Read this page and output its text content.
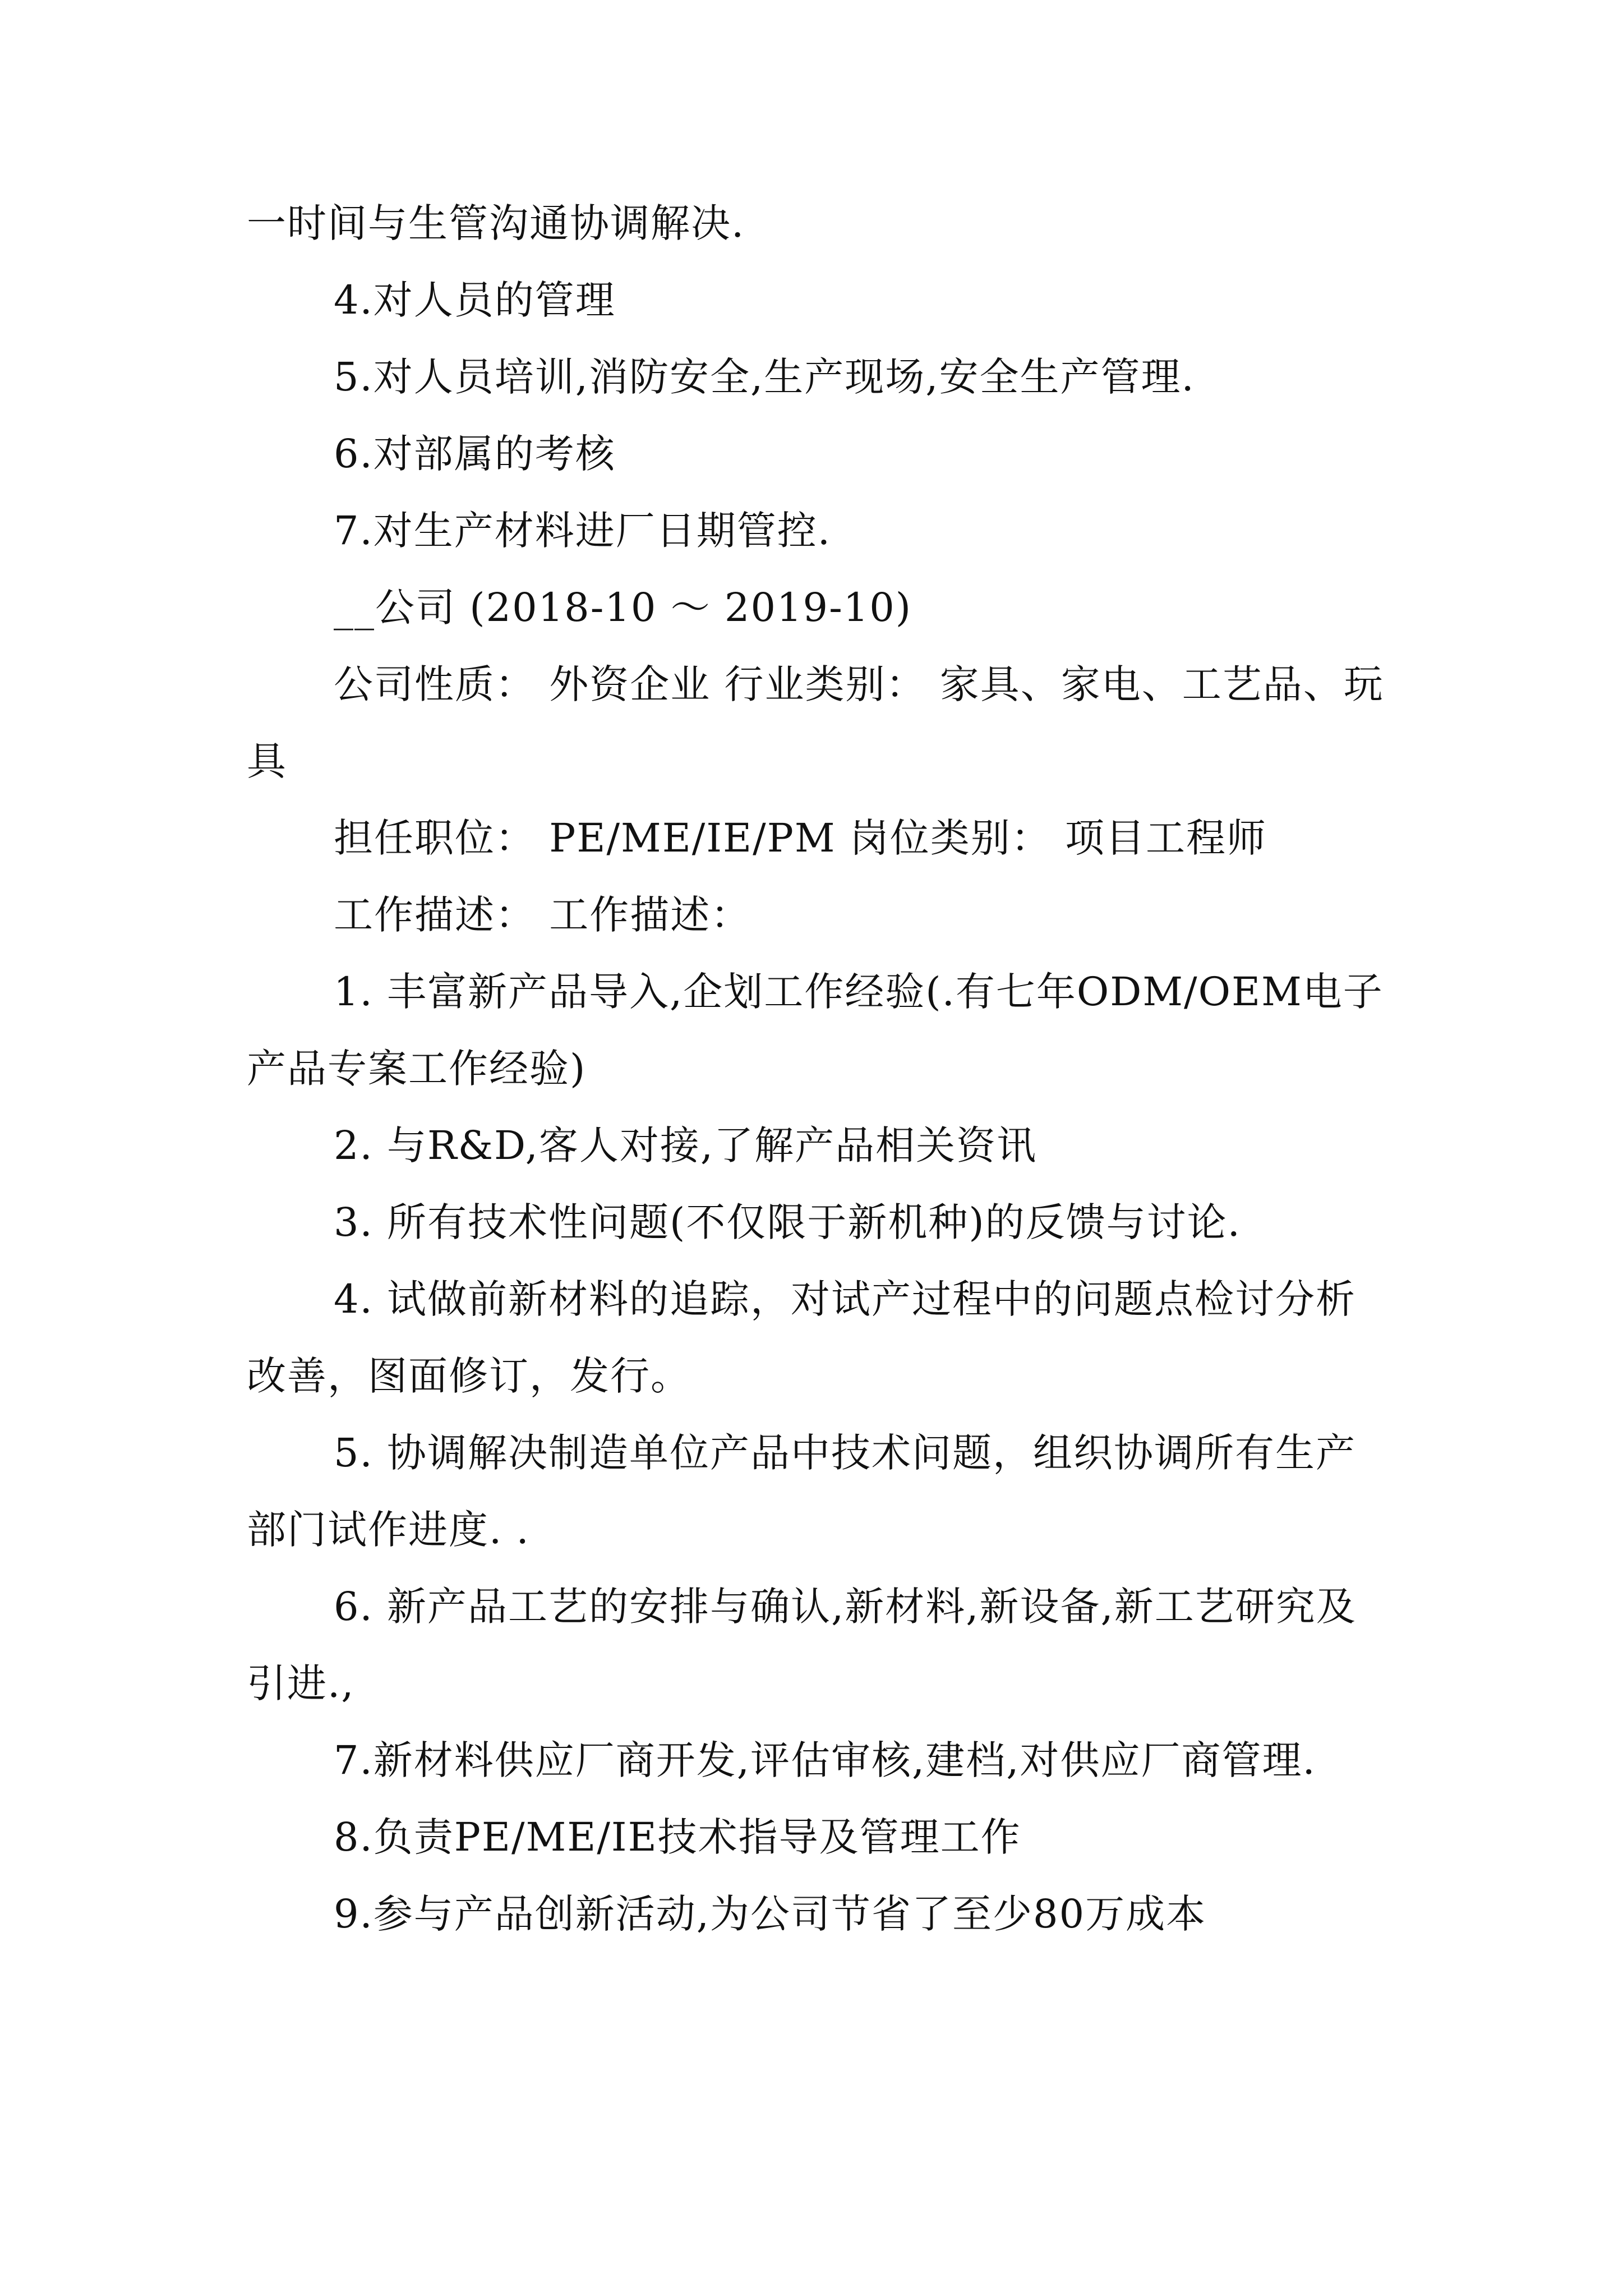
一时间与生管沟通协调解决.

4.对人员的管理

5.对人员培训,消防安全,生产现场,安全生产管理.

6.对部属的考核

7.对生产材料进厂日期管控.

__公司 (2018-10 ～ 2019-10)

公司性质： 外资企业 行业类别： 家具、家电、工艺品、玩具

担任职位： PE/ME/IE/PM 岗位类别： 项目工程师

工作描述： 工作描述：

1. 丰富新产品导入,企划工作经验(.有七年ODM/OEM电子产品专案工作经验)

2. 与R&D,客人对接,了解产品相关资讯

3. 所有技术性问题(不仅限于新机种)的反馈与讨论.

4. 试做前新材料的追踪，对试产过程中的问题点检讨分析改善，图面修订，发行。

5. 协调解决制造单位产品中技术问题，组织协调所有生产部门试作进度. .

6. 新产品工艺的安排与确认,新材料,新设备,新工艺研究及引进.,

7.新材料供应厂商开发,评估审核,建档,对供应厂商管理.

8.负责PE/ME/IE技术指导及管理工作

9.参与产品创新活动,为公司节省了至少80万成本
